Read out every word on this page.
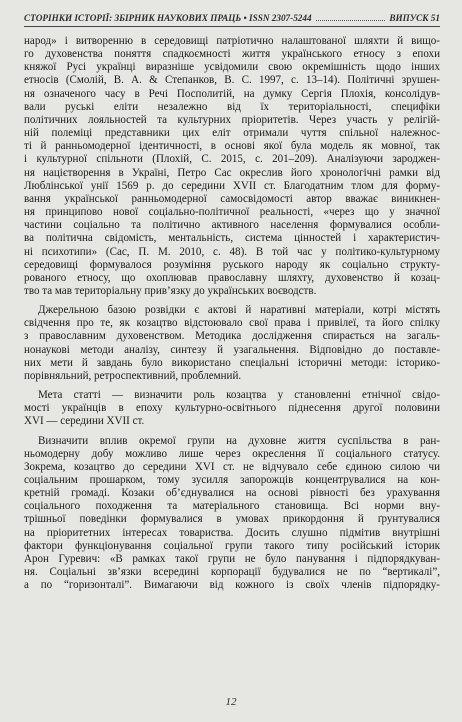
СТОРІНКИ ІСТОРІЇ: ЗБІРНИК НАУКОВИХ ПРАЦЬ • ISSN 2307-5244	ВИПУСК 51
народ» і витворенню в середовищі патріотично налаштованої шляхти й вищо-
го духовенства поняття спадкоємності життя українського етносу з епохи
княжої Русі українці виразніше усвідомили свою окремішність щодо інших
етносів (Смолій, В. А. & Степанков, В. С. 1997, с. 13–14). Політичні зрушен-
ня означеного часу в Речі Посполитій, на думку Сергія Плохія, консолідув-
вали руські еліти незалежно від їх територіальності, специфіки
політичних лояльностей та культурних пріоритетів. Через участь у релігій-
ній полеміці представники цих еліт отримали чуття спільної належнос-
ті й ранньомодерної ідентичності, в основі якої була модель як мовної, так
і культурної спільноти (Плохій, С. 2015, с. 201–209). Аналізуючи зароджен-
ня націєтворення в Україні, Петро Сас окреслив його хронологічні рамки від
Люблінської унії 1569 р. до середини XVII ст. Благодатним тлом для форму-
вання української ранньомодерної самосвідомості автор вважає виникнен-
ня принципово нової соціально-політичної реальності, «через що у значної
частини соціально та політично активного населення формувалися особли-
ва політична свідомість, ментальність, система цінностей і характеристич-
ні психотипи» (Сас, П. М. 2010, с. 48). В той час у політико-культурному
середовищі формувалося розуміння руського народу як соціально структу-
рованого етносу, що охоплював православну шляхту, духовенство й козац-
тво та мав територіальну прив’язку до українських воєводств.
Джерельною базою розвідки є актові й наративні матеріали, котрі містять
свідчення про те, як козацтво відстоювало свої права і привілеї, та його спілку
з православним духовенством. Методика дослідження спирається на загаль-
нонаукові методи аналізу, синтезу й узагальнення. Відповідно до поставле-
них мети й завдань було використано спеціальні історичні методи: історико-
порівняльний, ретроспективний, проблемний.
Мета статті — визначити роль козацтва у становленні етнічної свідо-
мості українців в епоху культурно-освітнього піднесення другої половини
XVI — середини XVII ст.
Визначити вплив окремої групи на духовне життя суспільства в ран-
ньомодерну добу можливо лише через окреслення її соціального статусу.
Зокрема, козацтво до середини XVI ст. не відчувало себе єдиною силою чи
соціальним прошарком, тому зусилля запорожців концентрувалися на кон-
кретній громаді. Козаки об’єднувалися на основі рівності без урахування
соціального походження та матеріального становища. Всі норми вну-
трішньої поведінки формувалися в умовах прикордоння й ґрунтувалися
на пріоритетних інтересах товариства. Досить слушно підмітив внутрішні
фактори функціонування соціальної групи такого типу російський історик
Арон Гуревич: «В рамках такої групи не було панування і підпорядкуван-
ня. Соціальні зв’язки всередині корпорації будувалися не по “вертикалі”,
а по “горизонталі”. Вимагаючи від кожного із своїх членів підпорядку-
12
